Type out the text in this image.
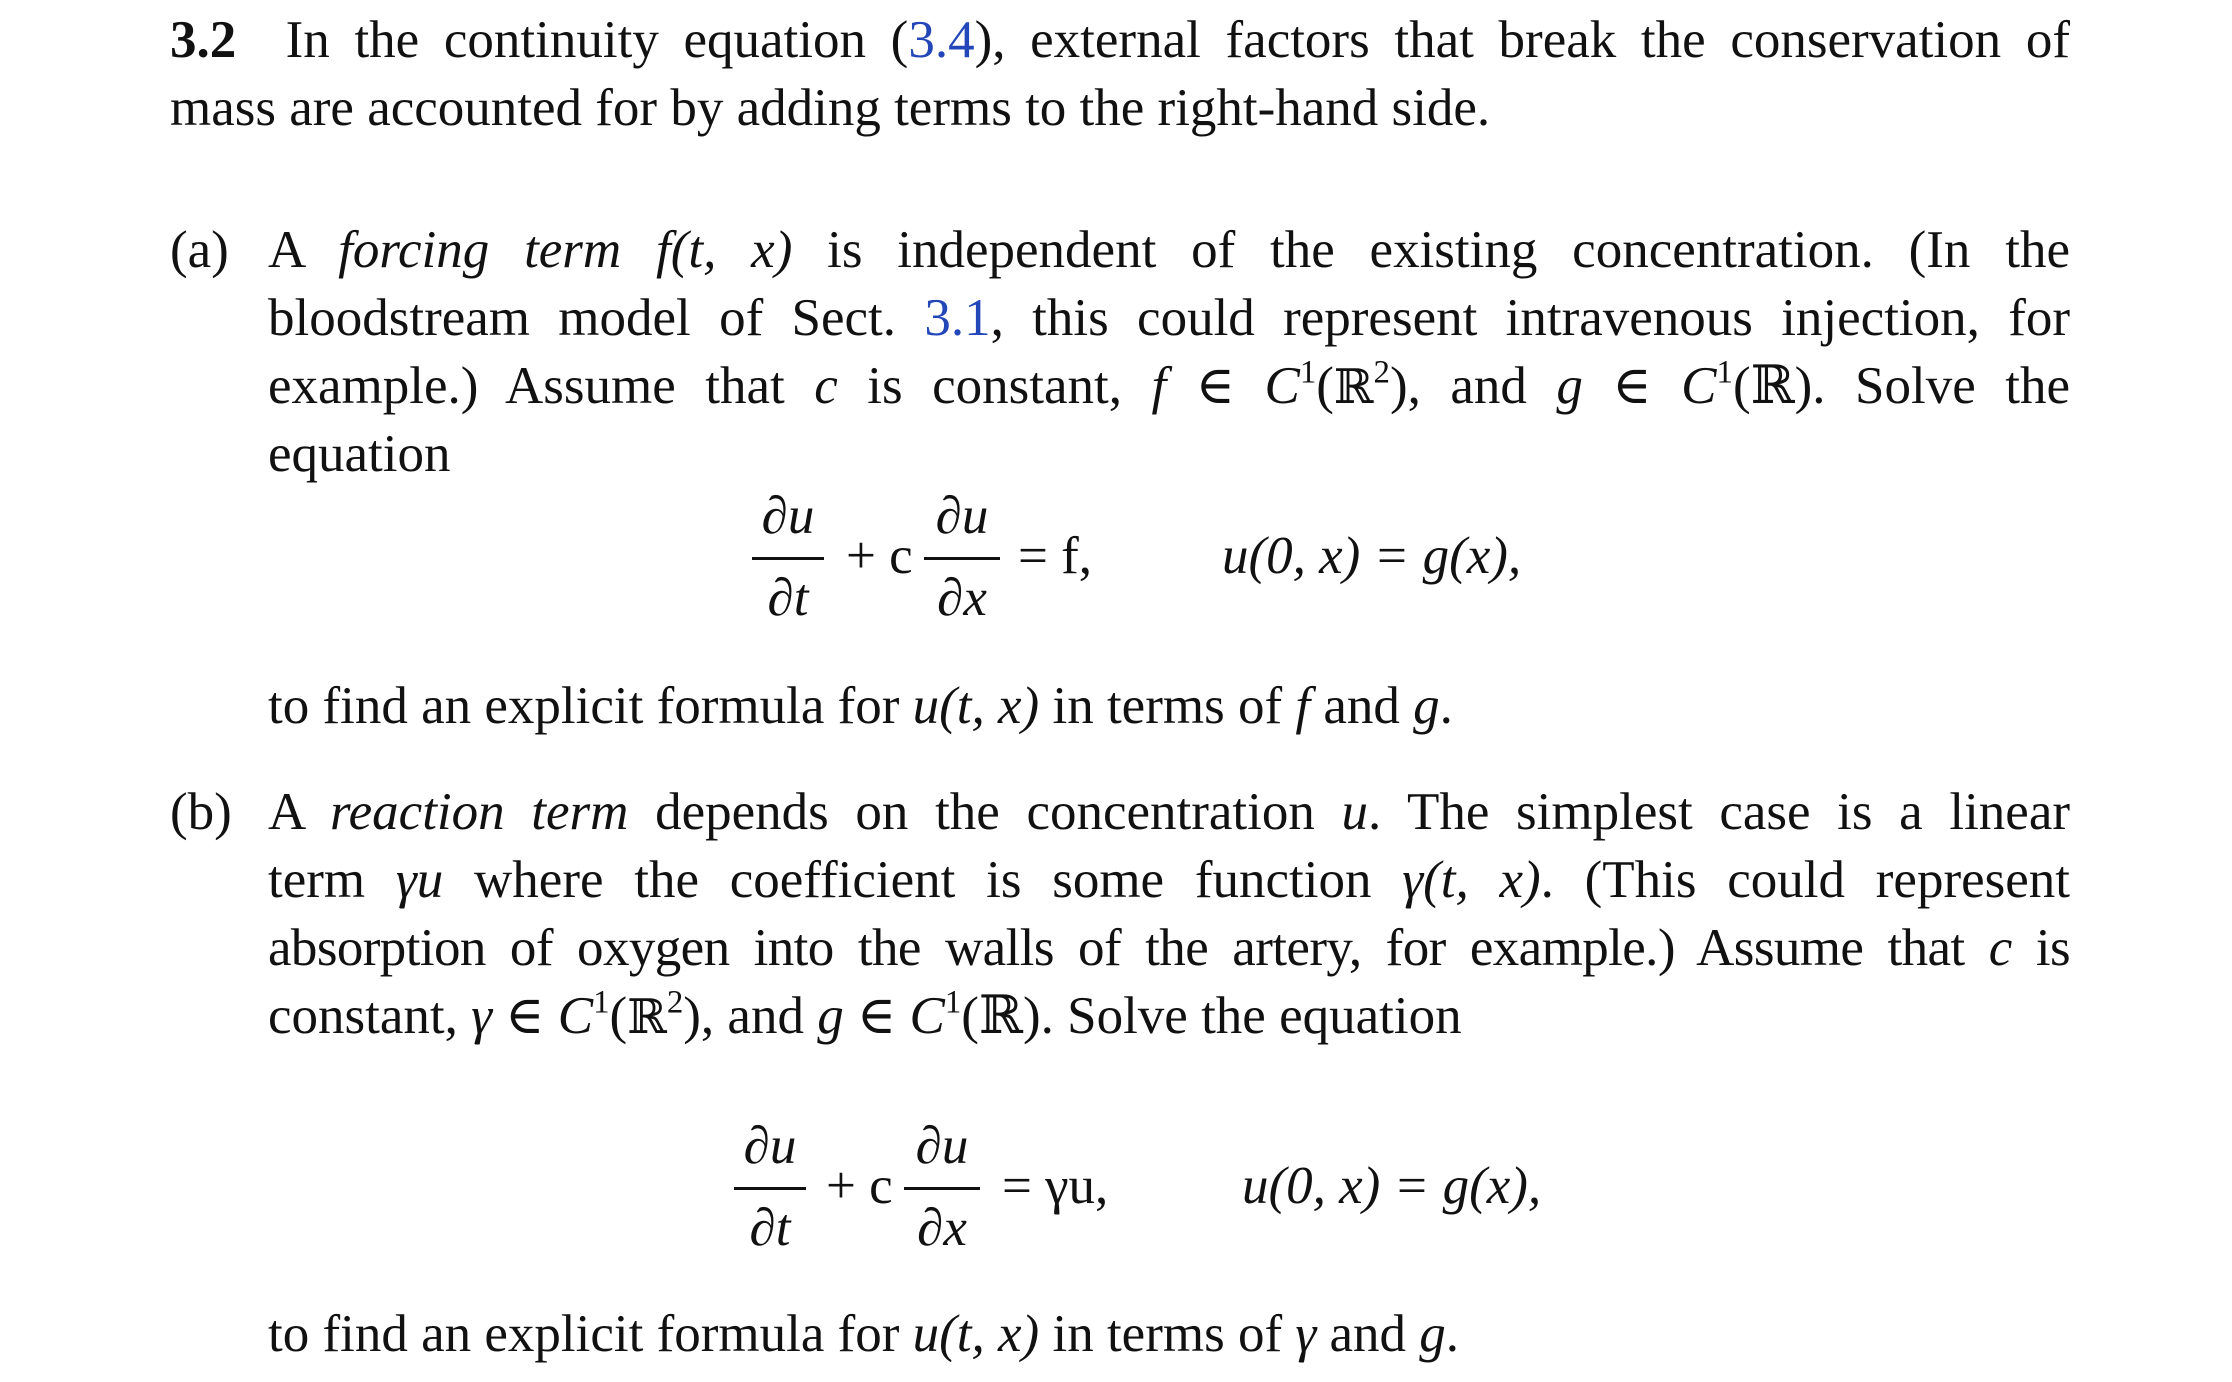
3.2 In the continuity equation (3.4), external factors that break the conservation of
mass are accounted for by adding terms to the right-hand side.
(a) A forcing term f(t, x) is independent of the existing concentration. (In the
bloodstream model of Sect. 3.1, this could represent intravenous injection, for
example.) Assume that c is constant, f ∈ $C^1(ℝ^2)$, and g ∈ $C^1(ℝ)$. Solve the
equation
∂u
∂t
+ c
∂u
∂x
= f, u(0, x) = g(x),
to find an explicit formula for u(t, x) in terms of f and g.
(b) A reaction term depends on the concentration u. The simplest case is a linear
term γu where the coefficient is some function γ(t, x). (This could represent
absorption of oxygen into the walls of the artery, for example.) Assume that c is
constant, γ ∈ $C^1(ℝ^2)$, and g ∈ $C^1(ℝ)$. Solve the equation
∂u
∂t
+ c
∂u
∂x
= γu,	u(0, x) = g(x),
to find an explicit formula for u(t, x) in terms of γ and g.
